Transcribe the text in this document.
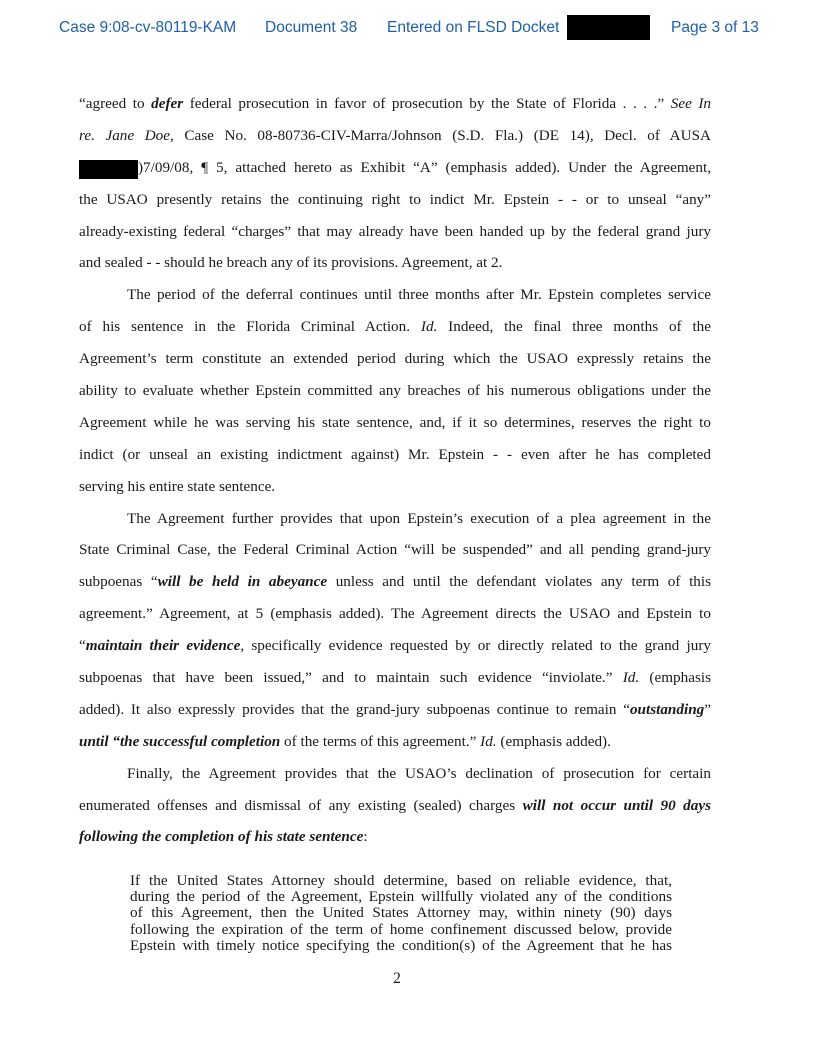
Case 9:08-cv-80119-KAM Document 38 Entered on FLSD Docket	Page 3 of 13
“agreed to defer federal prosecution in favor of prosecution by the State of Florida . . . .” See In
re. Jane Doe, Case No. 08-80736-CIV-Marra/Johnson (S.D. Fla.) (DE 14), Decl. of AUSA
)7/09/08, ¶ 5, attached hereto as Exhibit “A” (emphasis added). Under the Agreement,
the USAO presently retains the continuing right to indict Mr. Epstein - - or to unseal “any”
already-existing federal “charges” that may already have been handed up by the federal grand jury
and sealed - - should he breach any of its provisions. Agreement, at 2.
The period of the deferral continues until three months after Mr. Epstein completes service
of his sentence in the Florida Criminal Action. Id. Indeed, the final three months of the
Agreement’s term constitute an extended period during which the USAO expressly retains the
ability to evaluate whether Epstein committed any breaches of his numerous obligations under the
Agreement while he was serving his state sentence, and, if it so determines, reserves the right to
indict (or unseal an existing indictment against) Mr. Epstein - - even after he has completed
serving his entire state sentence.
The Agreement further provides that upon Epstein’s execution of a plea agreement in the
State Criminal Case, the Federal Criminal Action “will be suspended” and all pending grand-jury
subpoenas “will be held in abeyance unless and until the defendant violates any term of this
agreement.” Agreement, at 5 (emphasis added). The Agreement directs the USAO and Epstein to
“maintain their evidence, specifically evidence requested by or directly related to the grand jury
subpoenas that have been issued,” and to maintain such evidence “inviolate.” Id. (emphasis
added). It also expressly provides that the grand-jury subpoenas continue to remain “outstanding”
until “the successful completion of the terms of this agreement.” Id. (emphasis added).
Finally, the Agreement provides that the USAO’s declination of prosecution for certain
enumerated offenses and dismissal of any existing (sealed) charges will not occur until 90 days
following the completion of his state sentence:
If the United States Attorney should determine, based on reliable evidence, that,
during the period of the Agreement, Epstein willfully violated any of the conditions
of this Agreement, then the United States Attorney may, within ninety (90) days
following the expiration of the term of home confinement discussed below, provide
Epstein with timely notice specifying the condition(s) of the Agreement that he has
2
